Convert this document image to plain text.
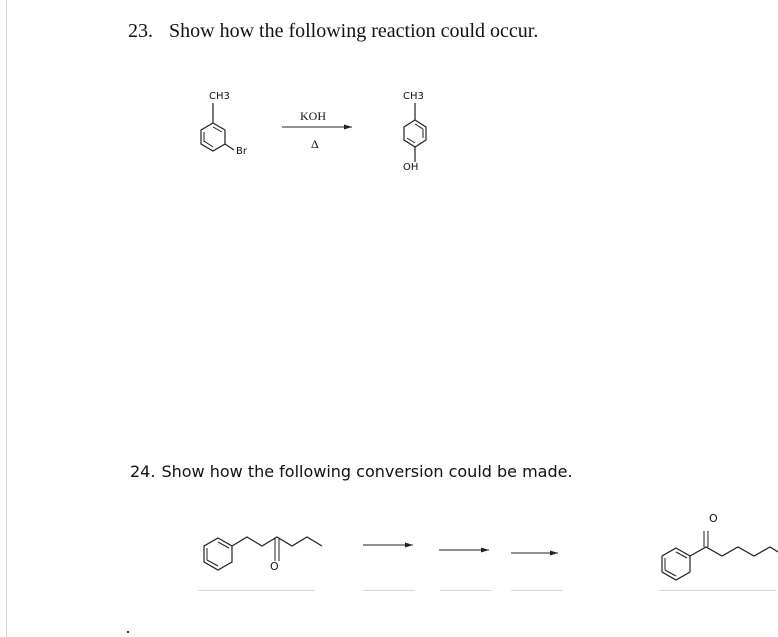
23. Show how the following reaction could occur.
CH3
Br
KOH
Δ
CH3
OH
24. Show how the following conversion could be made.
O
O
